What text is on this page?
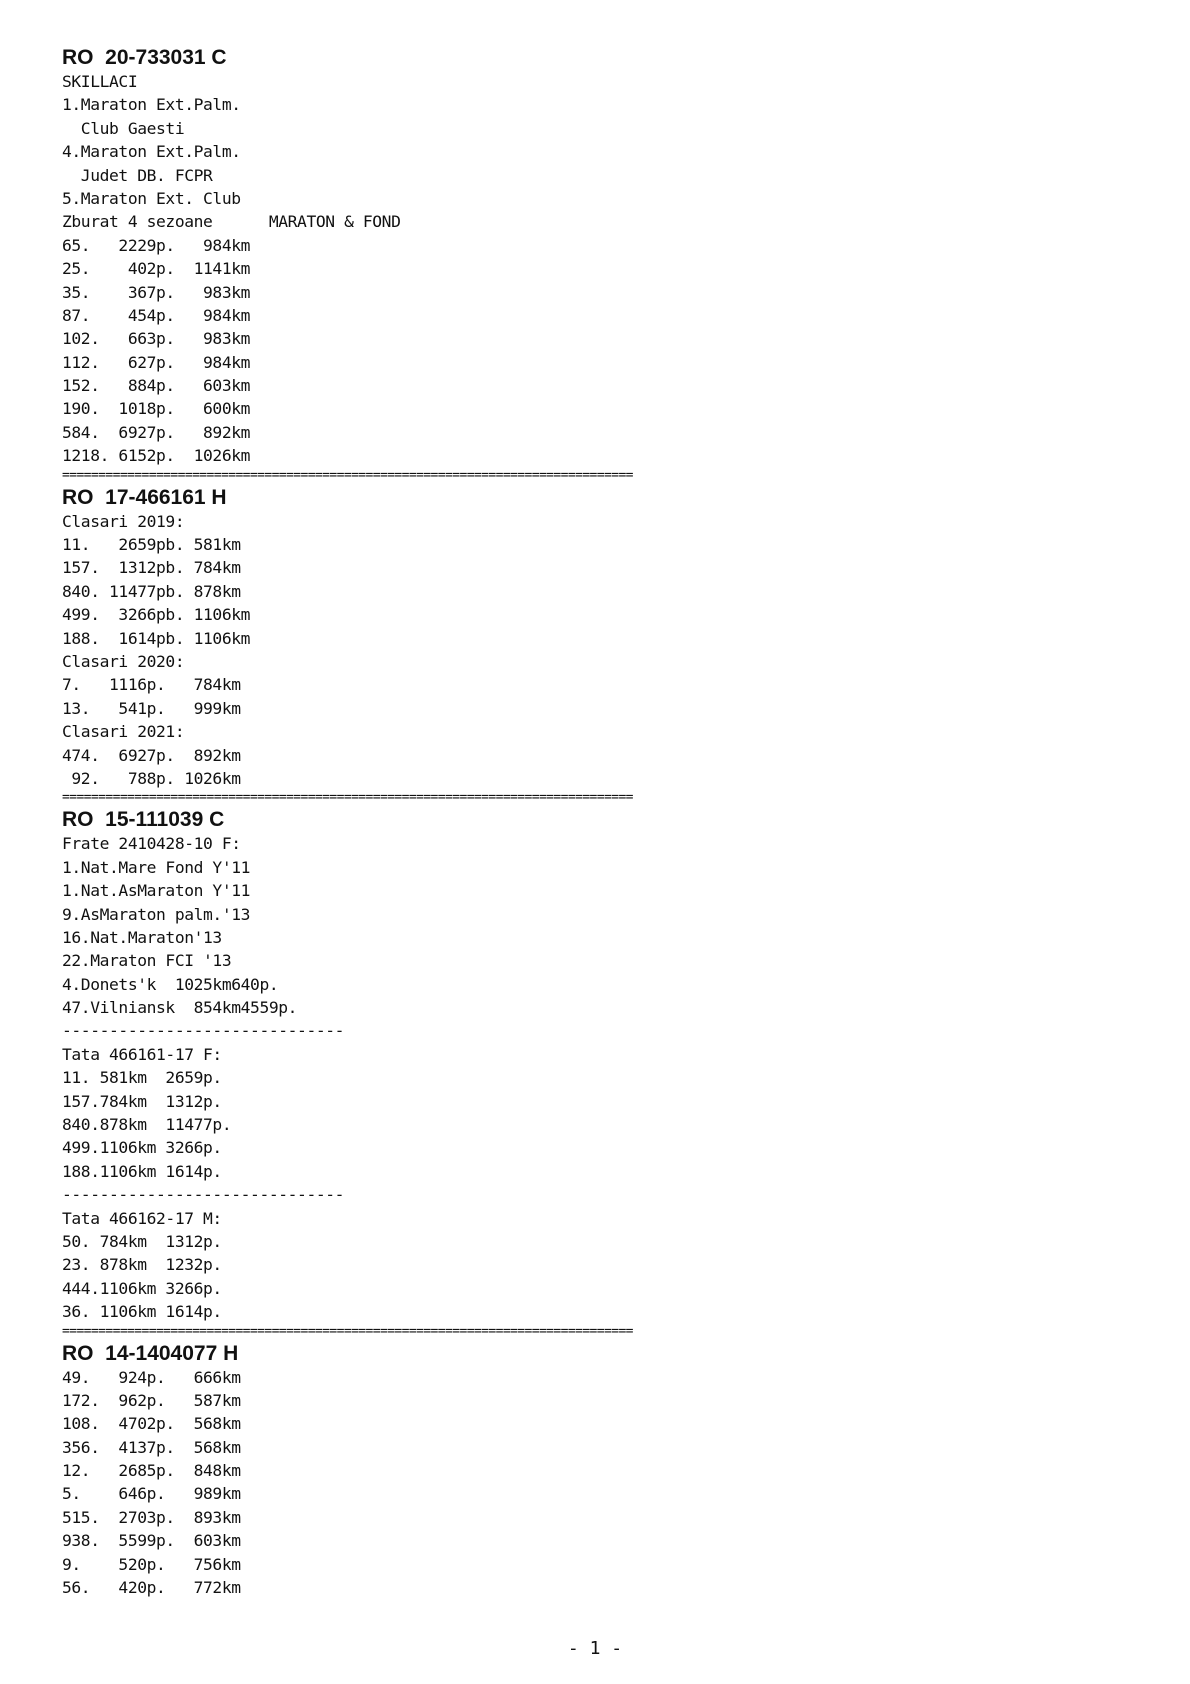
RO  20-733031 C
SKILLACI
1.Maraton Ext.Palm.
Club Gaesti
4.Maraton Ext.Palm.
Judet DB. FCPR
5.Maraton Ext. Club
Zburat 4 sezoane      MARATON & FOND
65.   2229p.   984km
25.    402p.  1141km
35.    367p.   983km
87.    454p.   984km
102.   663p.   983km
112.   627p.   984km
152.   884p.   603km
190.  1018p.   600km
584.  6927p.   892km
1218. 6152p.  1026km
===============================================================================
RO  17-466161 H
Clasari 2019:
11.   2659pb. 581km
157.  1312pb. 784km
840. 11477pb. 878km
499.  3266pb. 1106km
188.  1614pb. 1106km
Clasari 2020:
7.   1116p.   784km
13.   541p.   999km
Clasari 2021:
474.  6927p.  892km
92.   788p. 1026km
===============================================================================
RO  15-111039 C
Frate 2410428-10 F:
1.Nat.Mare Fond Y'11
1.Nat.AsMaraton Y'11
9.AsMaraton palm.'13
16.Nat.Maraton'13
22.Maraton FCI '13
4.Donets'k  1025km640p.
47.Vilniansk  854km4559p.
------------------------------
Tata 466161-17 F:
11. 581km  2659p.
157.784km  1312p.
840.878km  11477p.
499.1106km 3266p.
188.1106km 1614p.
------------------------------
Tata 466162-17 M:
50. 784km  1312p.
23. 878km  1232p.
444.1106km 3266p.
36. 1106km 1614p.
===============================================================================
RO  14-1404077 H
49.   924p.   666km
172.  962p.   587km
108.  4702p.  568km
356.  4137p.  568km
12.   2685p.  848km
5.    646p.   989km
515.  2703p.  893km
938.  5599p.  603km
9.    520p.   756km
56.   420p.   772km
- 1 -
